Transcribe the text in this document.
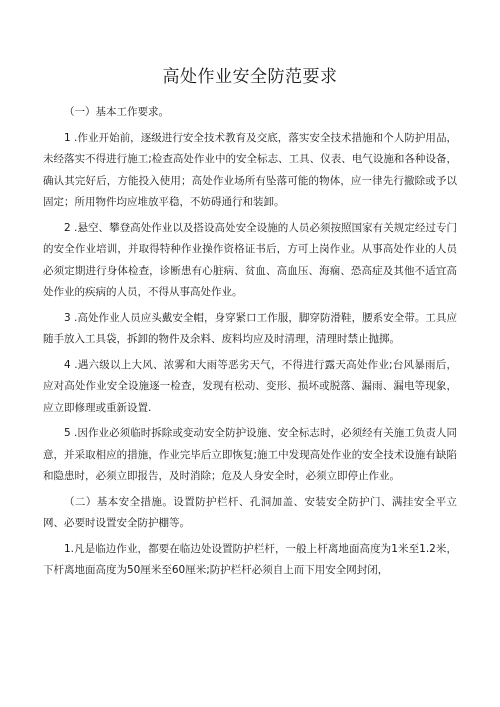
高处作业安全防范要求

（一）基本工作要求。

1 .作业开始前，逐级进行安全技术教育及交底，落实安全技术措施和个人防护用品，未经落实不得进行施工;检查高处作业中的安全标志、工具、仪表、电气设施和各种设备，确认其完好后，方能投入使用；高处作业场所有坠落可能的物体，应一律先行撤除或予以固定；所用物件均应堆放平稳，不妨碍通行和装卸。

2 .悬空、攀登高处作业以及搭设高处安全设施的人员必须按照国家有关规定经过专门的安全作业培训，并取得特种作业操作资格证书后，方可上岗作业。从事高处作业的人员必须定期进行身体检查，诊断患有心脏病、贫血、高血压、海痫、恐高症及其他不适宜高处作业的疾病的人员，不得从事高处作业。

3 .高处作业人员应头戴安全帽，身穿紧口工作服，脚穿防滑鞋，腰系安全带。工具应随手放入工具袋，拆卸的物件及余料、废料均应及时清理，清理时禁止抛掷。

4 .遇六级以上大风、浓雾和大雨等恶劣天气，不得进行露天高处作业;台风暴雨后，应对高处作业安全设施逐一检查，发现有松动、变形、损坏或脱落、漏雨、漏电等现象，应立即修理或重新设置.

5 .因作业必须临时拆除或变动安全防护设施、安全标志时，必须经有关施工负责人同意，并采取相应的措施，作业完毕后立即恢复;施工中发现高处作业的安全技术设施有缺陷和隐患时，必须立即报告，及时消除；危及人身安全时，必须立即停止作业。

（二）基本安全措施。设置防护栏杆、孔洞加盖、安装安全防护门、满挂安全平立网、必要时设置安全防护棚等。

1.凡是临边作业，都要在临边处设置防护栏杆，一般上杆离地面高度为1米至1.2米，下杆离地面高度为50厘米至60厘米;防护栏杆必须自上而下用安全网封闭，
